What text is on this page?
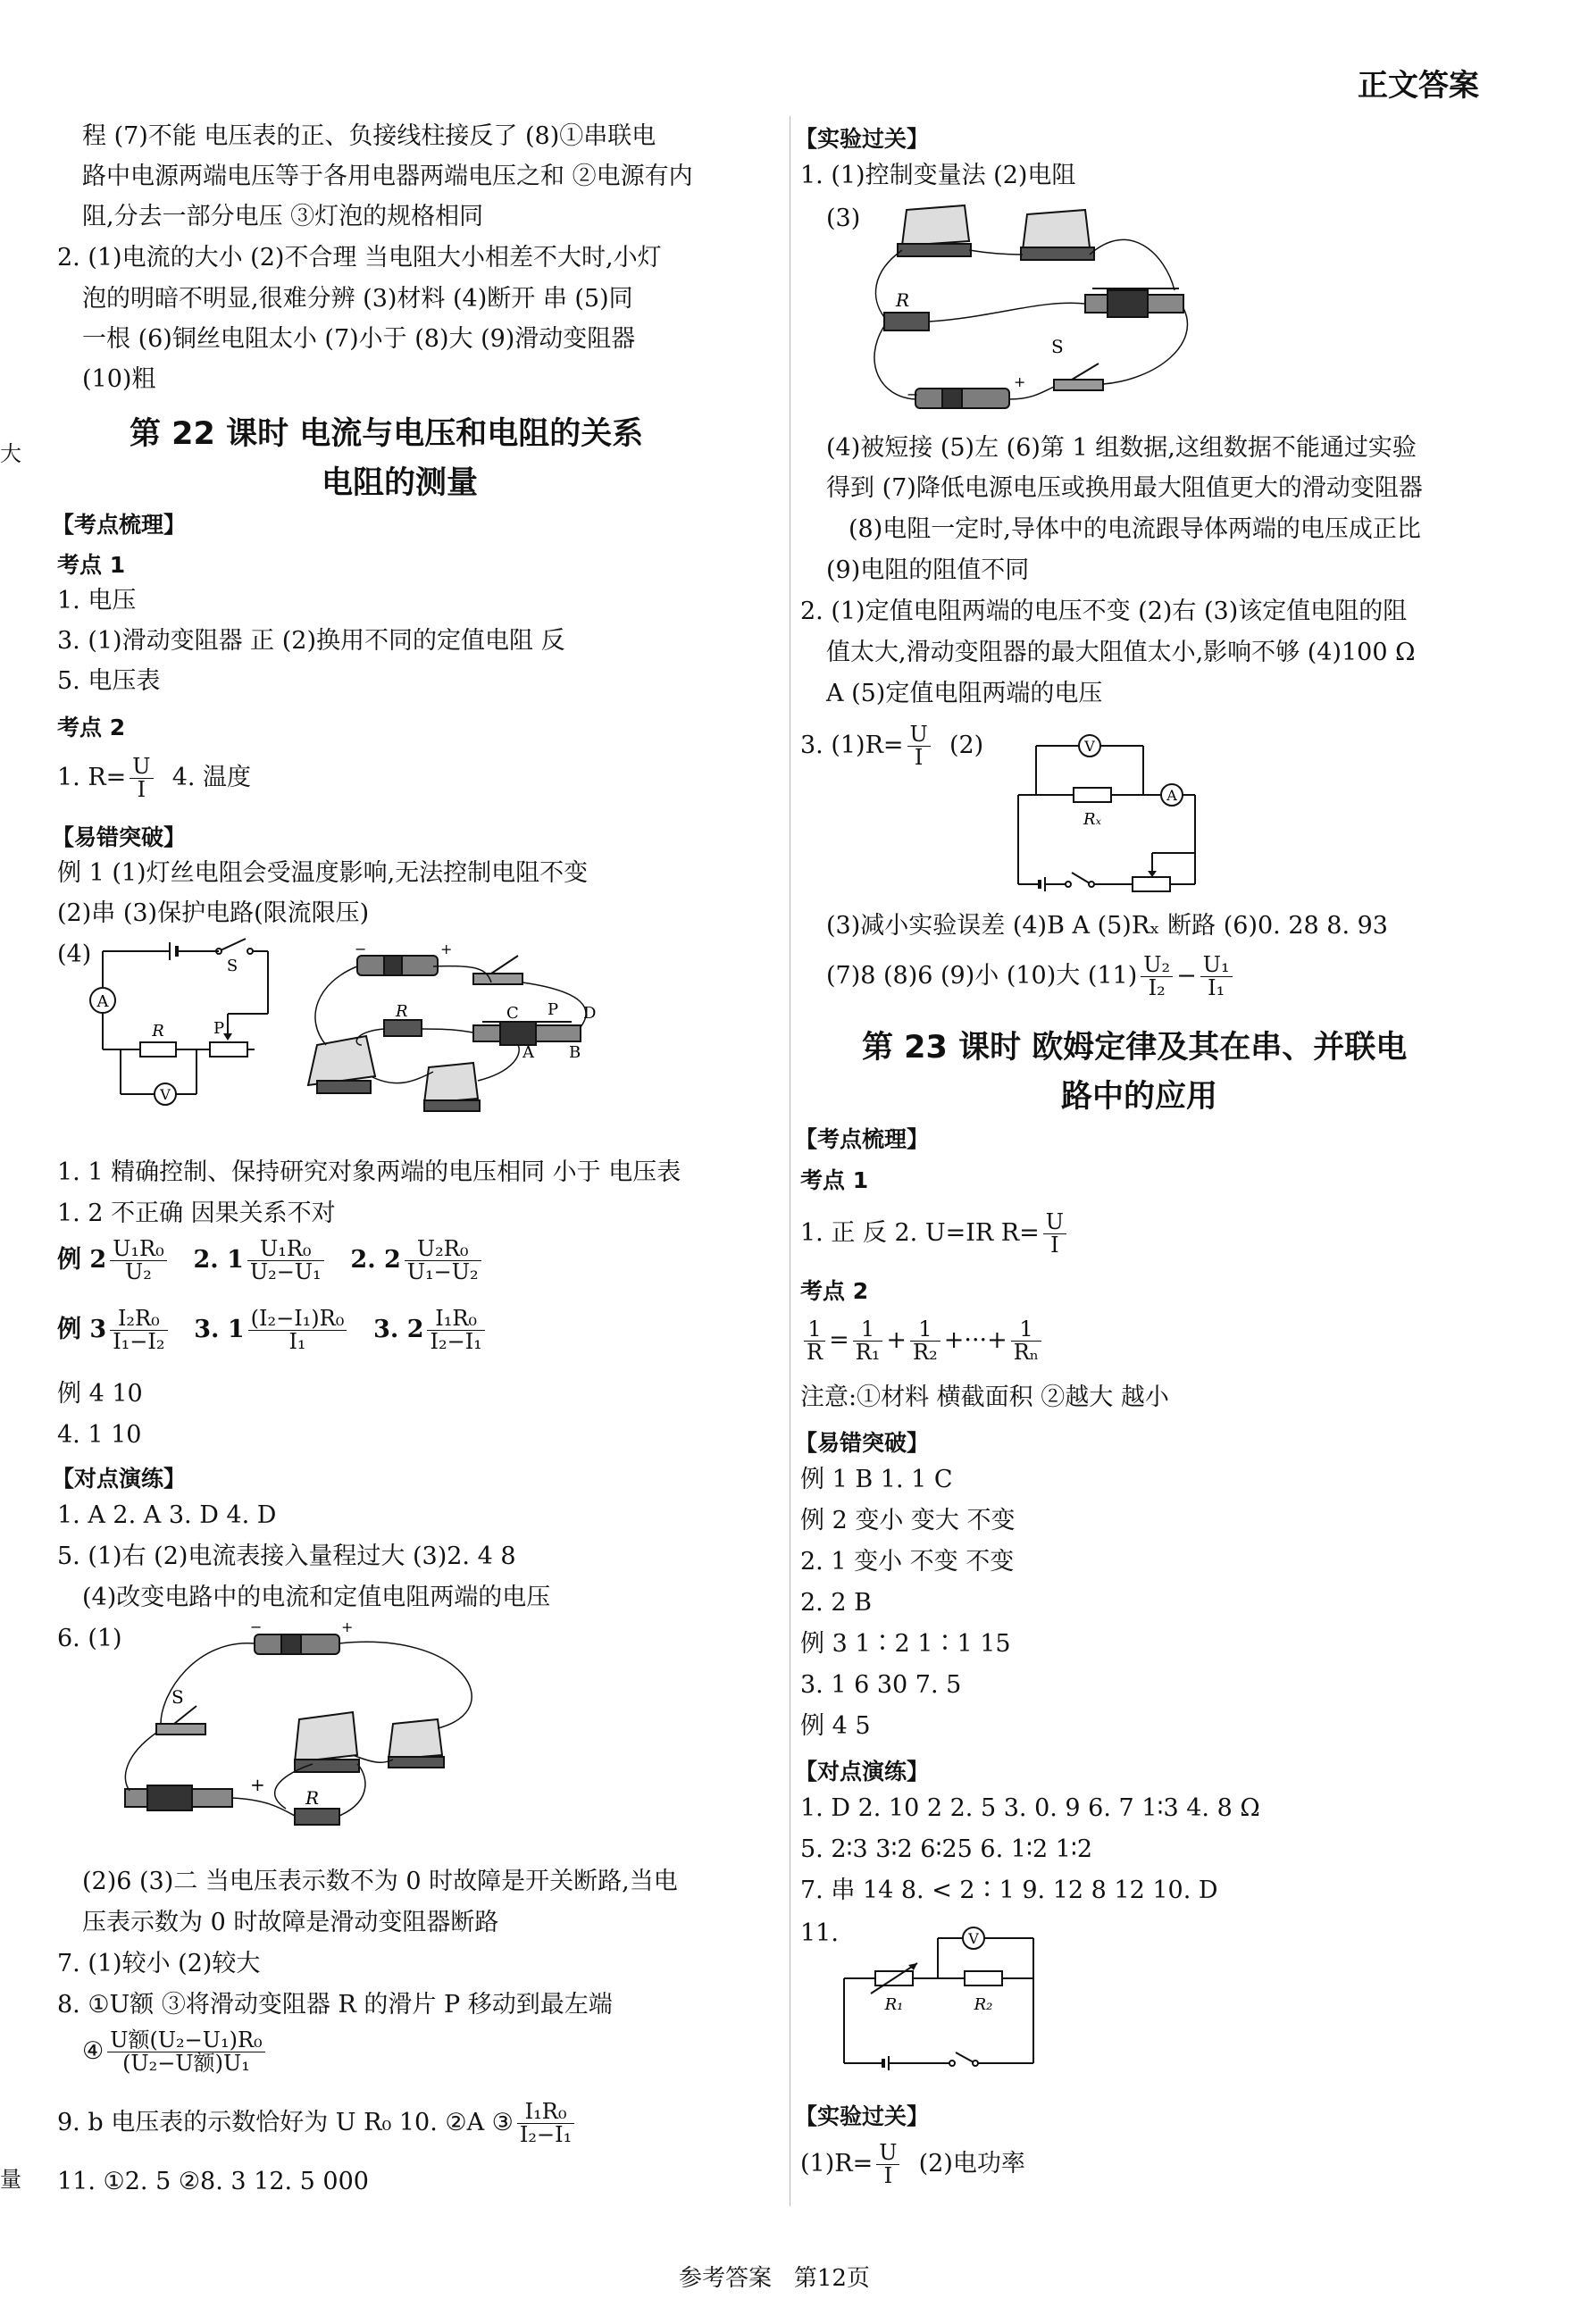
正文答案
大
量
程 (7)不能 电压表的正、负接线柱接反了 (8)①串联电
路中电源两端电压等于各用电器两端电压之和 ②电源有内
阻,分去一部分电压 ③灯泡的规格相同
2. (1)电流的大小 (2)不合理 当电阻大小相差不大时,小灯
泡的明暗不明显,很难分辨 (3)材料 (4)断开 串 (5)同
一根 (6)铜丝电阻太小 (7)小于 (8)大 (9)滑动变阻器
(10)粗
第 22 课时 电流与电压和电阻的关系
电阻的测量
【考点梳理】
考点 1
1. 电压
3. (1)滑动变阻器 正 (2)换用不同的定值电阻 反
5. 电压表
考点 2
1. $R= \frac{U}{I} 4$. 温度
【易错突破】
例 1 (1)灯丝电阻会受温度影响,无法控制电阻不变
(2)串 (3)保护电路(限流限压)
(4)
A
V
R	P
S
−	+
R	C P D
A B
1. 1 精确控制、保持研究对象两端的电压相同 小于 电压表
1. 2 不正确 因果关系不对
例 $2 \frac{\text{U₁R₀}}{\text{U₂}} 2$. $1 \frac{\text{U₁R₀}}{\text{U₂−U₁}} 2$. $2 \frac{\text{U₂R₀}}{\text{U₁−U₂}}$
例 $3 \frac{\text{I₂R₀}}{\text{I₁−I₂}} 3$. $1 \frac{\text{(I₂−I₁)R₀}}{\text{I₁}} 3$. $2 \frac{\text{I₁R₀}}{\text{I₂−I₁}}$
例 4 10
4. 1 10
【对点演练】
1. A 2. A 3. D 4. D
5. (1)右 (2)电流表接入量程过大 (3)2. 4 8
(4)改变电路中的电流和定值电阻两端的电压
6. (1)	−	+
S
R
+
(2)6 (3)二 当电压表示数不为 0 时故障是开关断路,当电
压表示数为 0 时故障是滑动变阻器断路
7. (1)较小 (2)较大
8. ①U额 ③将滑动变阻器 R 的滑片 P 移动到最左端
④ $\frac{\text{U额(U₂−U₁)R₀}}{\text{(U₂−U额)U₁}}$
9. b 电压表的示数恰好为 U R₀ 10. ②A ③ $\frac{\text{I₁R₀}}{\text{I₂−I₁}}$
11. ①2. 5 ②8. 3 12. 5 000
【实验过关】
1. (1)控制变量法 (2)电阻
(3)
R
S
−
+
(4)被短接 (5)左 (6)第 1 组数据,这组数据不能通过实验
得到 (7)降低电源电压或换用最大阻值更大的滑动变阻器
(8)电阻一定时,导体中的电流跟导体两端的电压成正比
(9)电阻的阻值不同
2. (1)定值电阻两端的电压不变 (2)右 (3)该定值电阻的阻
值太大,滑动变阻器的最大阻值太小,影响不够 (4)100 Ω
A (5)定值电阻两端的电压
3. $(1)R= \frac{U}{I} (2)$	V
A
Rₓ
(3)减小实验误差 (4)B A (5)Rₓ 断路 (6)0. 28 8. 93
(7)8 (8)6 (9)小 (10)大 $(11) \frac{\text{U₂}}{\text{I₂}} - \frac{\text{U₁}}{\text{I₁}}$
第 23 课时 欧姆定律及其在串、并联电
路中的应用
【考点梳理】
考点 1
1. 正 反 2. U=IR $R= \frac{U}{I}$
考点 2
$\frac{1}{R} = \frac{1}{\text{R₁}} + \frac{1}{\text{R₂}}$ +···+ $\frac{1}{\text{Rₙ}}$
注意:①材料 横截面积 ②越大 越小
【易错突破】
例 1 B 1. 1 C
例 2 变小 变大 不变
2. 1 变小 不变 不变
2. 2 B
例 3 1∶2 1∶1 15
3. 1 6 30 7. 5
例 4 5
【对点演练】
1. D 2. 10 2 2. 5 3. 0. 9 6. 7 1∶3 4. 8 Ω
5. 2∶3 3∶2 6∶25 6. 1∶2 1∶2
7. 串 14 8. < 2∶1 9. 12 8 12 10. D
11.	V
R₁	R₂
【实验过关】
$(1)R= \frac{U}{I} (2)$电功率
参考答案 第12页
